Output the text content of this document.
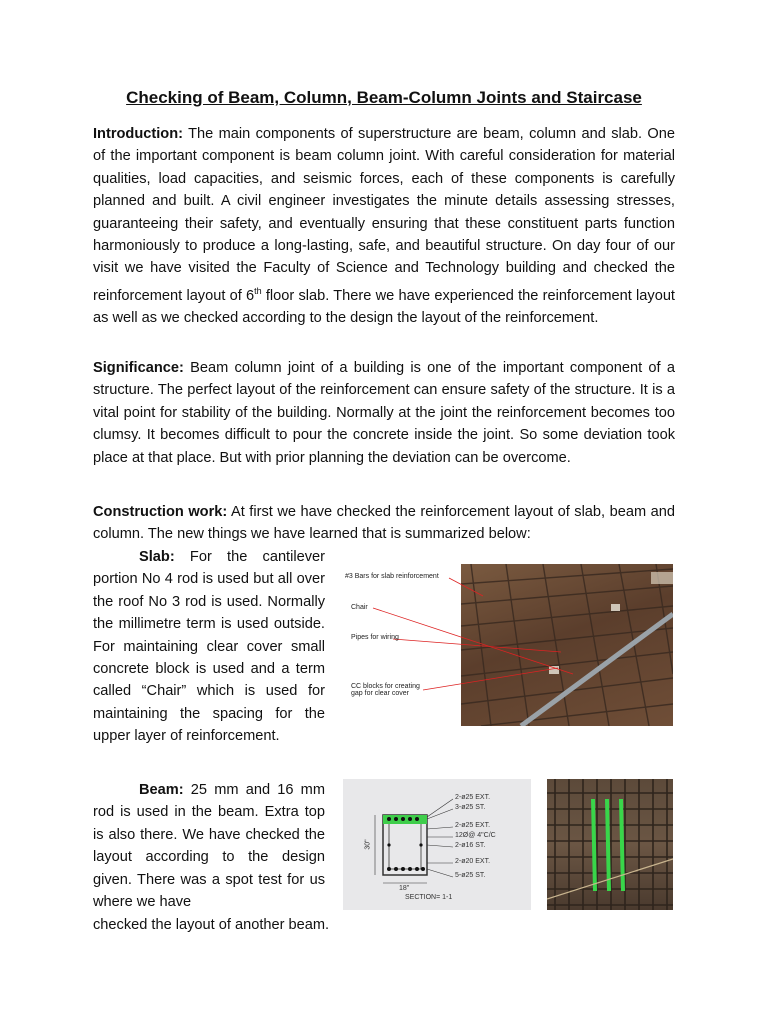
Checking of Beam, Column, Beam-Column Joints and Staircase

Introduction: The main components of superstructure are beam, column and slab. One of the important component is beam column joint. With careful consideration for material qualities, load capacities, and seismic forces, each of these components is carefully planned and built. A civil engineer investigates the minute details assessing stresses, guaranteeing their safety, and eventually ensuring that these constituent parts function harmoniously to produce a long-lasting, safe, and beautiful structure. On day four of our visit we have visited the Faculty of Science and Technology building and checked the reinforcement layout of 6th floor slab. There we have experienced the reinforcement layout as well as we checked according to the design the layout of the reinforcement.

Significance: Beam column joint of a building is one of the important component of a structure. The perfect layout of the reinforcement can ensure safety of the structure. It is a vital point for stability of the building. Normally at the joint the reinforcement becomes too clumsy. It becomes difficult to pour the concrete inside the joint. So some deviation took place at that place. But with prior planning the deviation can be overcome.

Construction work: At first we have checked the reinforcement layout of slab, beam and column. The new things we have learned that is summarized below:

Slab: For the cantilever portion No 4 rod is used but all over the roof No 3 rod is used. Normally the millimetre term is used outside. For maintaining clear cover small concrete block is used and a term called “Chair” which is used for maintaining the spacing for the upper layer of reinforcement.

#3 Bars for slab reinforcement
Chair
Pipes for wiring
CC blocks for creating
gap for clear cover

Beam: 25 mm and 16 mm rod is used in the beam. Extra top is also there. We have checked the layout according to the design given. There was a spot test for us where we have

2-ø25 EXT.
3-ø25 ST.
2-ø25 EXT.
12Ø@ 4"C/C
2-ø16 ST.
2-ø20 EXT.
5-ø25 ST.
30"
18"
SECTION= 1-1

checked the layout of another beam.
